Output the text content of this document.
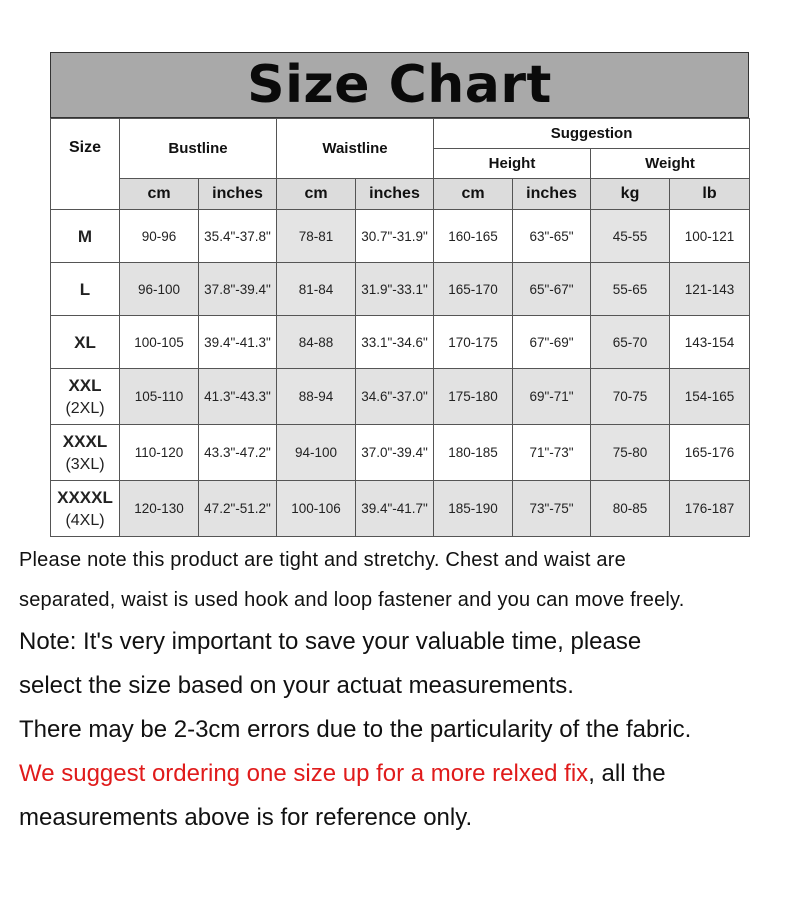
Size Chart
Size	Bustline		Waistline		Suggestion			
					Height		Weight	
	cm	inches	cm	inches	cm	inches	kg	lb

M	90-96	35.4"-37.8"	78-81	30.7"-31.9"	160-165	63"-65"	45-55	100-121

L	96-100	37.8"-39.4"	81-84	31.9"-33.1"	165-170	65"-67"	55-65	121-143

XL	100-105	39.4"-41.3"	84-88	33.1"-34.6"	170-175	67"-69"	65-70	143-154

XXL
(2XL)	105-110	41.3"-43.3"	88-94	34.6"-37.0"	175-180	69"-71"	70-75	154-165

XXXL
(3XL)	110-120	43.3"-47.2"	94-100	37.0"-39.4"	180-185	71"-73"	75-80	165-176

XXXXL
(4XL)	120-130	47.2"-51.2"	100-106	39.4"-41.7"	185-190	73"-75"	80-85	176-187

Please note this product are tight and stretchy. Chest and waist are

separated, waist is used hook and loop fastener and you can move freely.

Note: It's very important to save your valuable time, please

select the size based on your actuat measurements.

There may be 2-3cm errors due to the particularity of the fabric.

We suggest ordering one size up for a more relxed fix, all the

measurements above is for reference only.
